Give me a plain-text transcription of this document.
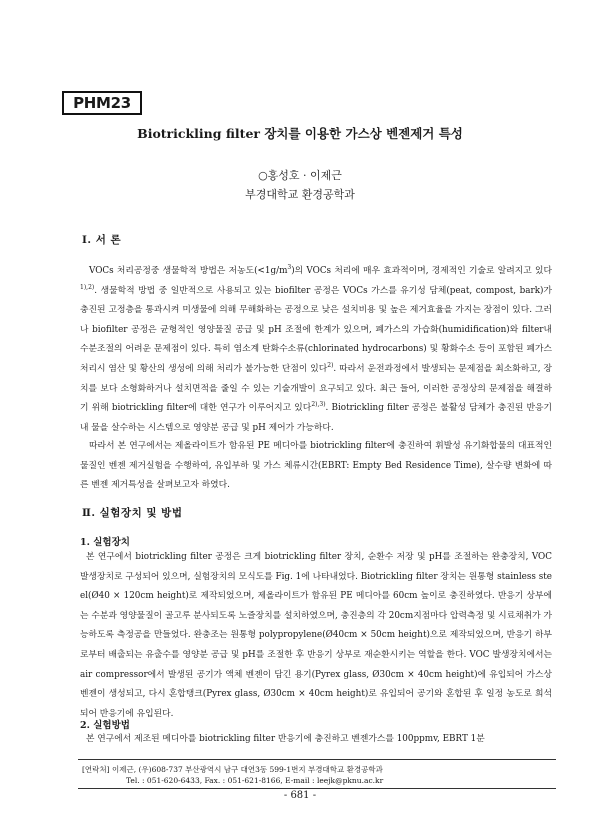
PHM23
Biotrickling filter 장치를 이용한 가스상 벤젠제거 특성
○홍성호 · 이제근
부경대학교 환경공학과
Ⅰ. 서 론
VOCs 처리공정중 생물학적 방법은 저농도$(<1g/m^3)$의 VOCs 처리에 매우 효과적이며, 경제적인 기술로 알려지고 있다$^{1),2)}$. 생물학적 방법 중 일반적으로 사용되고 있는 biofilter 공정은 VOCs 가스를 유기성 담체(peat, compost, bark)가 충진된 고정층을 통과시켜 미생물에 의해 무해화하는 공정으로 낮은 설치비용 및 높은 제거효율을 가지는 장점이 있다. 그러나 biofilter 공정은 균형적인 영양물질 공급 및 pH 조절에 한계가 있으며, 폐가스의 가습화(humidification)와 filter내 수분조절의 어려운 문제점이 있다. 특히 염소계 탄화수소류(chlorinated hydrocarbons) 및 황화수소 등이 포함된 폐가스 처리시 염산 및 황산의 생성에 의해 처리가 불가능한 단점이 있다$^{2)}$. 따라서 운전과정에서 발생되는 문제점을 최소화하고, 장치를 보다 소형화하거나 설치면적을 줄일 수 있는 기술개발이 요구되고 있다. 최근 들어, 이러한 공정상의 문제점을 해결하기 위해 biotrickling filter에 대한 연구가 이루어지고 있다$^{2),3)}$. Biotrickling filter 공정은 불활성 담체가 충진된 반응기내 물을 살수하는 시스템으로 영양분 공급 및 pH 제어가 가능하다.
따라서 본 연구에서는 제올라이트가 함유된 PE 메디아를 biotrickling filter에 충진하여 휘발성 유기화합물의 대표적인 물질인 벤젠 제거실험을 수행하여, 유입부하 및 가스 체류시간(EBRT: Empty Bed Residence Time), 살수량 변화에 따른 벤젠 제거특성을 살펴보고자 하였다.
Ⅱ. 실험장치 및 방법
1. 실험장치
본 연구에서 biotrickling filter 공정은 크게 biotrickling filter 장치, 순환수 저장 및 pH를 조절하는 완충장치, VOC 발생장치로 구성되어 있으며, 실험장치의 모식도를 Fig. 1에 나타내었다. Biotrickling filter 장치는 원통형 stainless steel(Ø40 × 120cm height)로 제작되었으며, 제올라이트가 함유된 PE 메디아를 60cm 높이로 충진하였다. 반응기 상부에는 수분과 영양물질이 골고루 분사되도록 노즐장치를 설치하였으며, 충진층의 각 20cm지점마다 압력측정 및 시료채취가 가능하도록 측정공을 만들었다. 완충조는 원통형 polypropylene(Ø40cm × 50cm height)으로 제작되었으며, 반응기 하부로부터 배출되는 유출수를 영양분 공급 및 pH를 조절한 후 반응기 상부로 재순환시키는 역할을 한다. VOC 발생장치에서는 air compressor에서 발생된 공기가 액체 벤젠이 담긴 용기(Pyrex glass, Ø30cm × 40cm height)에 유입되어 가스상 벤젠이 생성되고, 다시 혼합탱크(Pyrex glass, Ø30cm × 40cm height)로 유입되어 공기와 혼합된 후 일정 농도로 희석되어 반응기에 유입된다.
2. 실험방법
본 연구에서 제조된 메디아를 biotrickling filter 반응기에 충진하고 벤젠가스를 100ppmv, EBRT 1분
[연락처] 이제근, (우)608-737 부산광역시 남구 대연3동 599-1번지 부경대학교 환경공학과
Tel. : 051-620-6433, Fax. : 051-621-8166, E-mail : leejk@pknu.ac.kr
- 681 -
